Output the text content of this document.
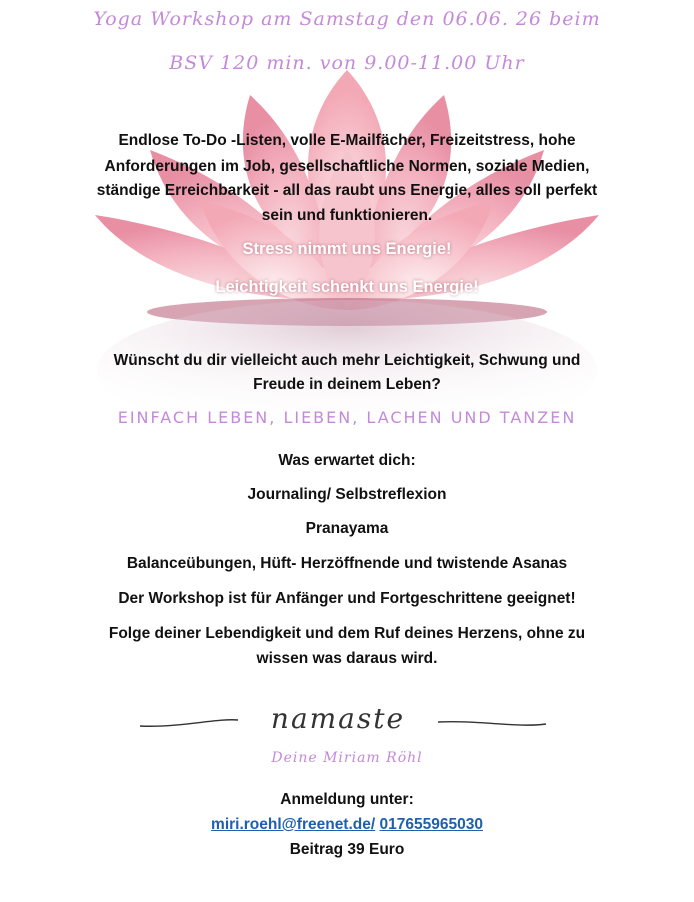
Yoga Workshop am Samstag den 06.06. 26 beim
BSV 120 min. von 9.00-11.00 Uhr
Endlose To-Do -Listen, volle E-Mailfächer, Freizeitstress, hohe
Anforderungen im Job, gesellschaftliche Normen, soziale Medien,
ständige Erreichbarkeit - all das raubt uns Energie, alles soll perfekt
sein und funktionieren.
Stress nimmt uns Energie!
Leichtigkeit schenkt uns Energie!
Wünscht du dir vielleicht auch mehr Leichtigkeit, Schwung und
Freude in deinem Leben?
EINFACH LEBEN, LIEBEN, LACHEN UND TANZEN
Was erwartet dich:
Journaling/ Selbstreflexion
Pranayama
Balanceübungen, Hüft- Herzöffnende und twistende Asanas
Der Workshop ist für Anfänger und Fortgeschrittene geeignet!
Folge deiner Lebendigkeit und dem Ruf deines Herzens, ohne zu
wissen was daraus wird.
namaste
Deine Miriam Röhl
Anmeldung unter:
miri.roehl@freenet.de/ 017655965030
Beitrag 39 Euro
